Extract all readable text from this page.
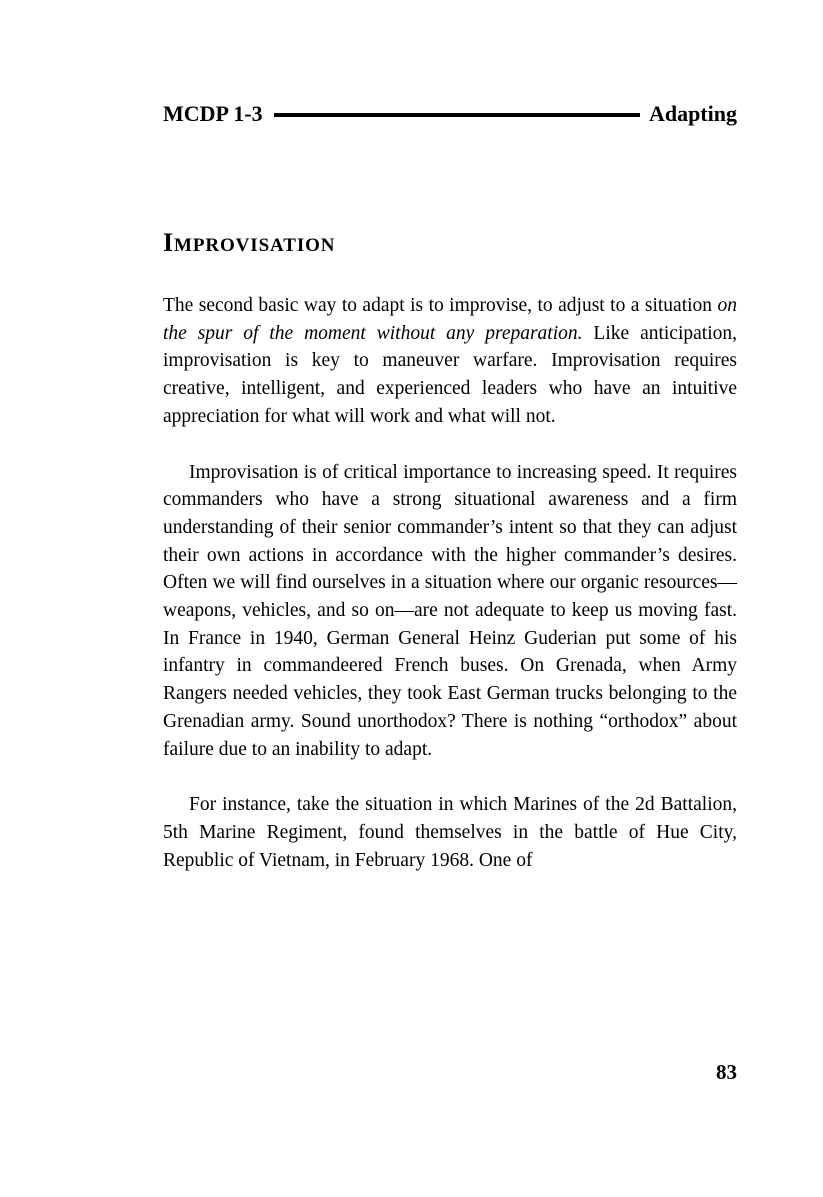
MCDP 1-3	Adapting
IMPROVISATION

The second basic way to adapt is to improvise, to adjust to a situation on the spur of the moment without any preparation. Like anticipation, improvisation is key to maneuver warfare. Improvisation requires creative, intelligent, and experienced leaders who have an intuitive appreciation for what will work and what will not.

Improvisation is of critical importance to increasing speed. It requires commanders who have a strong situational awareness and a firm understanding of their senior commander’s intent so that they can adjust their own actions in accordance with the higher commander’s desires. Often we will find ourselves in a situation where our organic resources—weapons, vehicles, and so on—are not adequate to keep us moving fast. In France in 1940, German General Heinz Guderian put some of his infantry in commandeered French buses. On Grenada, when Army Rangers needed vehicles, they took East German trucks belonging to the Grenadian army. Sound unorthodox? There is nothing “orthodox” about failure due to an inability to adapt.

For instance, take the situation in which Marines of the 2d Battalion, 5th Marine Regiment, found themselves in the battle of Hue City, Republic of Vietnam, in February 1968. One of

83
